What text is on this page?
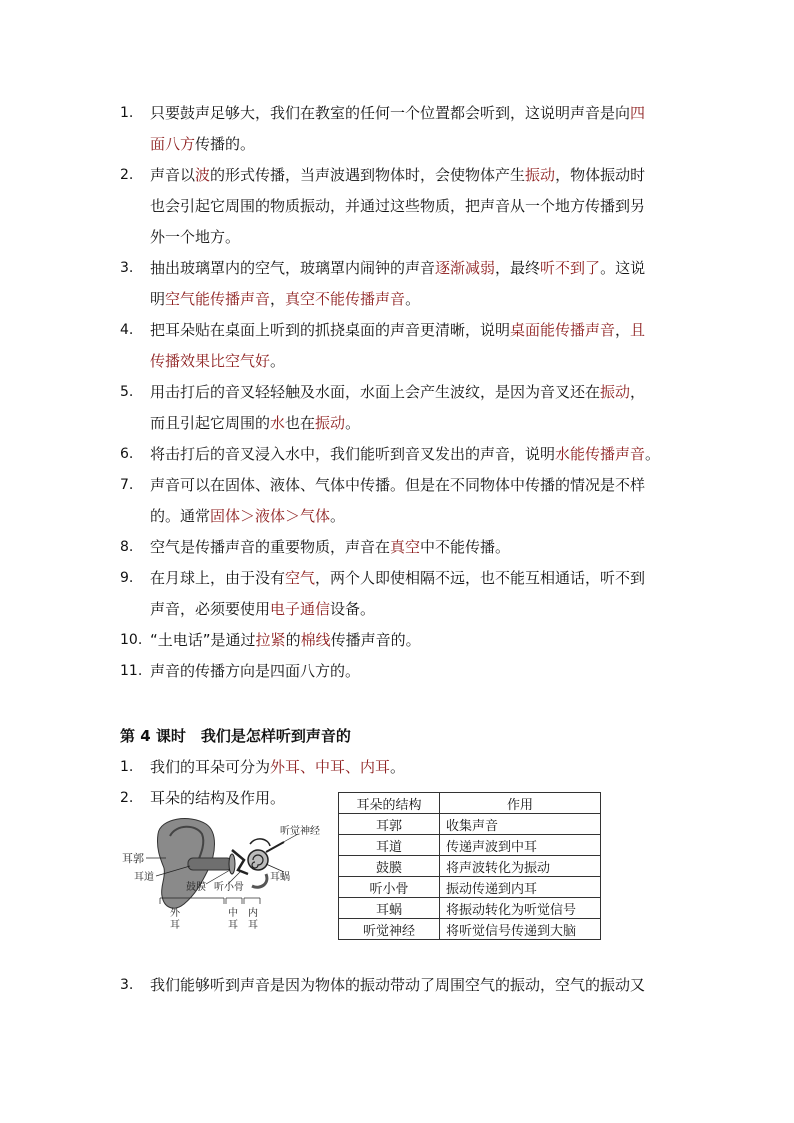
1. 只要鼓声足够大，我们在教室的任何一个位置都会听到，这说明声音是向四
面八方传播的。
2. 声音以波的形式传播，当声波遇到物体时，会使物体产生振动，物体振动时
也会引起它周围的物质振动，并通过这些物质，把声音从一个地方传播到另
外一个地方。
3. 抽出玻璃罩内的空气，玻璃罩内闹钟的声音逐渐减弱，最终听不到了。这说
明空气能传播声音，真空不能传播声音。
4. 把耳朵贴在桌面上听到的抓挠桌面的声音更清晰，说明桌面能传播声音，且
传播效果比空气好。
5. 用击打后的音叉轻轻触及水面，水面上会产生波纹，是因为音叉还在振动，
而且引起它周围的水也在振动。
6. 将击打后的音叉浸入水中，我们能听到音叉发出的声音，说明水能传播声音。
7. 声音可以在固体、液体、气体中传播。但是在不同物体中传播的情况是不样
的。通常固体＞液体＞气体。
8. 空气是传播声音的重要物质，声音在真空中不能传播。
9. 在月球上，由于没有空气，两个人即使相隔不远，也不能互相通话，听不到
声音，必须要使用电子通信设备。
10. “土电话”是通过拉紧的棉线传播声音的。
11. 声音的传播方向是四面八方的。
第 4 课时　我们是怎样听到声音的
1. 我们的耳朵可分为外耳、中耳、内耳。
2. 耳朵的结构及作用。
耳郭
耳道
鼓膜 听小骨
听觉神经
耳蜗
外
耳
中
耳
内
耳
耳朵的结构	作用
耳郭	收集声音
耳道	传递声波到中耳
鼓膜	将声波转化为振动
听小骨	振动传递到内耳
耳蜗	将振动转化为听觉信号
听觉神经	将听觉信号传递到大脑
3. 我们能够听到声音是因为物体的振动带动了周围空气的振动，空气的振动又
